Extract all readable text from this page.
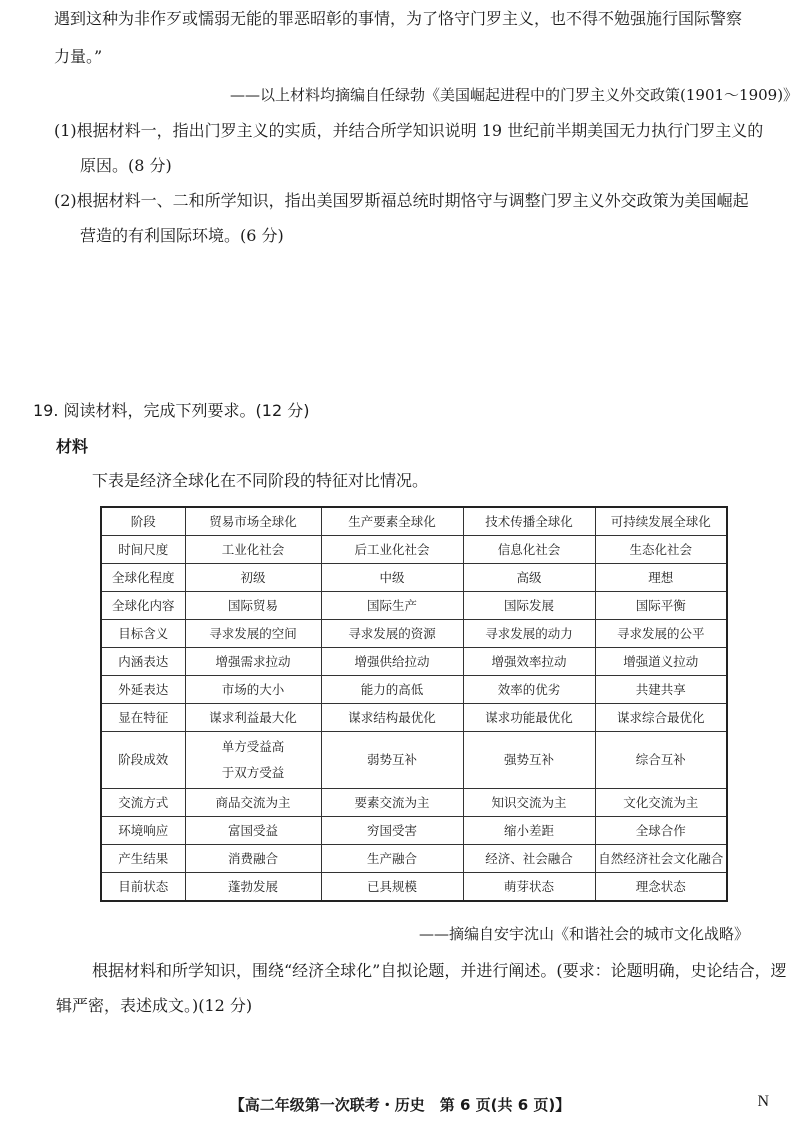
遇到这种为非作歹或懦弱无能的罪恶昭彰的事情，为了恪守门罗主义，也不得不勉强施行国际警察
力量。”
——以上材料均摘编自任绿勃《美国崛起进程中的门罗主义外交政策(1901～1909)》
(1)根据材料一，指出门罗主义的实质，并结合所学知识说明 19 世纪前半期美国无力执行门罗主义的
原因。(8 分)
(2)根据材料一、二和所学知识，指出美国罗斯福总统时期恪守与调整门罗主义外交政策为美国崛起
营造的有利国际环境。(6 分)
19. 阅读材料，完成下列要求。(12 分)
材料
下表是经济全球化在不同阶段的特征对比情况。
阶段	贸易市场全球化	生产要素全球化	技术传播全球化	可持续发展全球化
时间尺度	工业化社会	后工业化社会	信息化社会	生态化社会
全球化程度	初级	中级	高级	理想
全球化内容	国际贸易	国际生产	国际发展	国际平衡
目标含义	寻求发展的空间	寻求发展的资源	寻求发展的动力	寻求发展的公平
内涵表达	增强需求拉动	增强供给拉动	增强效率拉动	增强道义拉动
外延表达	市场的大小	能力的高低	效率的优劣	共建共享
显在特征	谋求利益最大化	谋求结构最优化	谋求功能最优化	谋求综合最优化
阶段成效	单方受益高
于双方受益	弱势互补	强势互补	综合互补
交流方式	商品交流为主	要素交流为主	知识交流为主	文化交流为主
环境响应	富国受益	穷国受害	缩小差距	全球合作
产生结果	消费融合	生产融合	经济、社会融合	自然经济社会文化融合
目前状态	蓬勃发展	已具规模	萌芽状态	理念状态
——摘编自安宇沈山《和谐社会的城市文化战略》
根据材料和所学知识，围绕“经济全球化”自拟论题，并进行阐述。(要求：论题明确，史论结合，逻
辑严密，表述成文。)(12 分)
【高二年级第一次联考・历史　第 6 页(共 6 页)】	N
